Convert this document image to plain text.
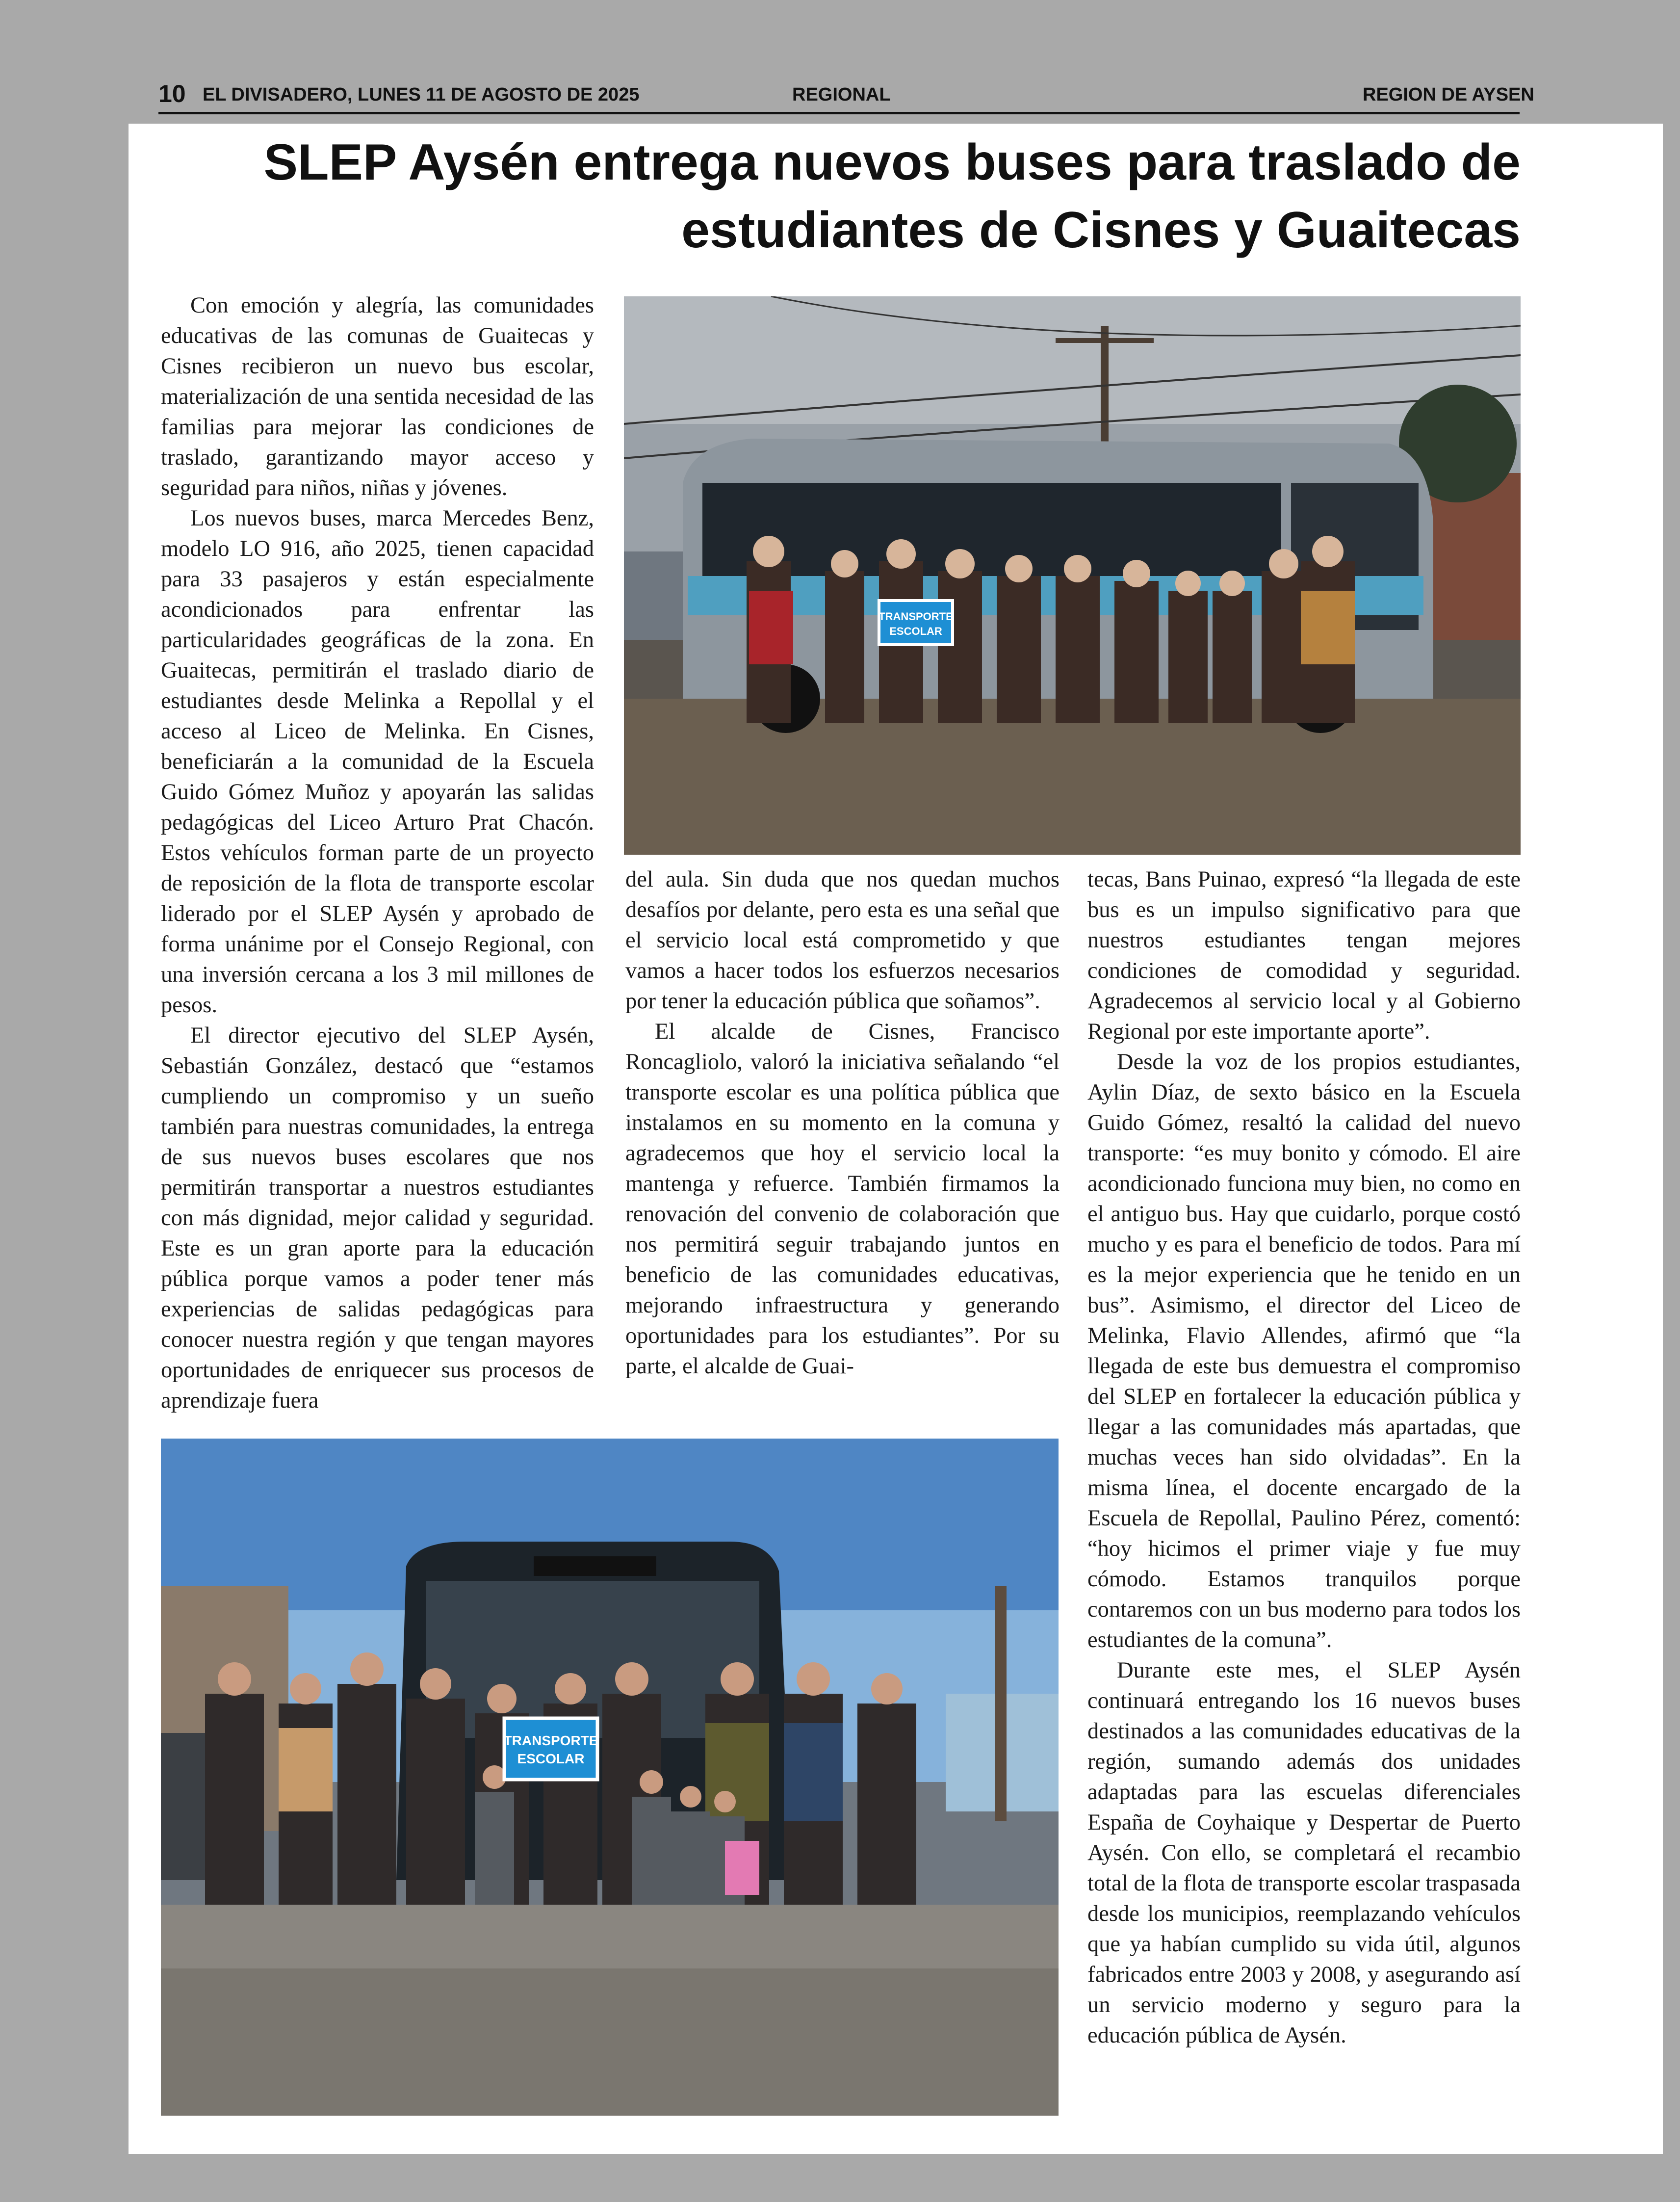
10 EL DIVISADERO, LUNES 11 DE AGOSTO DE 2025	REGIONAL	REGION DE AYSEN
SLEP Aysén entrega nuevos buses para traslado de
estudiantes de Cisnes y Guaitecas

Con emoción y alegría, las comunidades educativas de las comunas de Guaitecas y Cisnes recibieron un nuevo bus escolar, materialización de una sentida necesidad de las familias para mejorar las condiciones de traslado, garantizando mayor acceso y seguridad para niños, niñas y jóvenes.

Los nuevos buses, marca Mercedes Benz, modelo LO 916, año 2025, tienen capacidad para 33 pasajeros y están especialmente acondicionados para enfrentar las particularidades geográficas de la zona. En Guaitecas, permitirán el traslado diario de estudiantes desde Melinka a Repollal y el acceso al Liceo de Melinka. En Cisnes, beneficiarán a la comunidad de la Escuela Guido Gómez Muñoz y apoyarán las salidas pedagógicas del Liceo Arturo Prat Chacón. Estos vehículos forman parte de un proyecto de reposición de la flota de transporte escolar liderado por el SLEP Aysén y aprobado de forma unánime por el Consejo Regional, con una inversión cercana a los 3 mil millones de pesos.

El director ejecutivo del SLEP Aysén, Sebastián González, destacó que “estamos cumpliendo un compromiso y un sueño también para nuestras comunidades, la entrega de sus nuevos buses escolares que nos permitirán transportar a nuestros estudiantes con más dignidad, mejor calidad y seguridad. Este es un gran aporte para la educación pública porque vamos a poder tener más experiencias de salidas pedagógicas para conocer nuestra región y que tengan mayores oportunidades de enriquecer sus procesos de aprendizaje fuera

del aula. Sin duda que nos quedan muchos desafíos por delante, pero esta es una señal que el servicio local está comprometido y que vamos a hacer todos los esfuerzos necesarios por tener la educación pública que soñamos”.

El alcalde de Cisnes, Francisco Roncagliolo, valoró la iniciativa señalando “el transporte escolar es una política pública que instalamos en su momento en la comuna y agradecemos que hoy el servicio local la mantenga y refuerce. También firmamos la renovación del convenio de colaboración que nos permitirá seguir trabajando juntos en beneficio de las comunidades educativas, mejorando infraestructura y generando oportunidades para los estudiantes”. Por su parte, el alcalde de Guai-

tecas, Bans Puinao, expresó “la llegada de este bus es un impulso significativo para que nuestros estudiantes tengan mejores condiciones de comodidad y seguridad. Agradecemos al servicio local y al Gobierno Regional por este importante aporte”.

Desde la voz de los propios estudiantes, Aylin Díaz, de sexto básico en la Escuela Guido Gómez, resaltó la calidad del nuevo transporte: “es muy bonito y cómodo. El aire acondicionado funciona muy bien, no como en el antiguo bus. Hay que cuidarlo, porque costó mucho y es para el beneficio de todos. Para mí es la mejor experiencia que he tenido en un bus”. Asimismo, el director del Liceo de Melinka, Flavio Allendes, afirmó que “la llegada de este bus demuestra el compromiso del SLEP en fortalecer la educación pública y llegar a las comunidades más apartadas, que muchas veces han sido olvidadas”. En la misma línea, el docente encargado de la Escuela de Repollal, Paulino Pérez, comentó: “hoy hicimos el primer viaje y fue muy cómodo. Estamos tranquilos porque contaremos con un bus moderno para todos los estudiantes de la comuna”.

Durante este mes, el SLEP Aysén continuará entregando los 16 nuevos buses destinados a las comunidades educativas de la región, sumando además dos unidades adaptadas para las escuelas diferenciales España de Coyhaique y Despertar de Puerto Aysén. Con ello, se completará el recambio total de la flota de transporte escolar traspasada desde los municipios, reemplazando vehículos que ya habían cumplido su vida útil, algunos fabricados entre 2003 y 2008, y asegurando así un servicio moderno y seguro para la educación pública de Aysén.

TRANSPORTE
ESCOLAR
TRANSPORTE
ESCOLAR
